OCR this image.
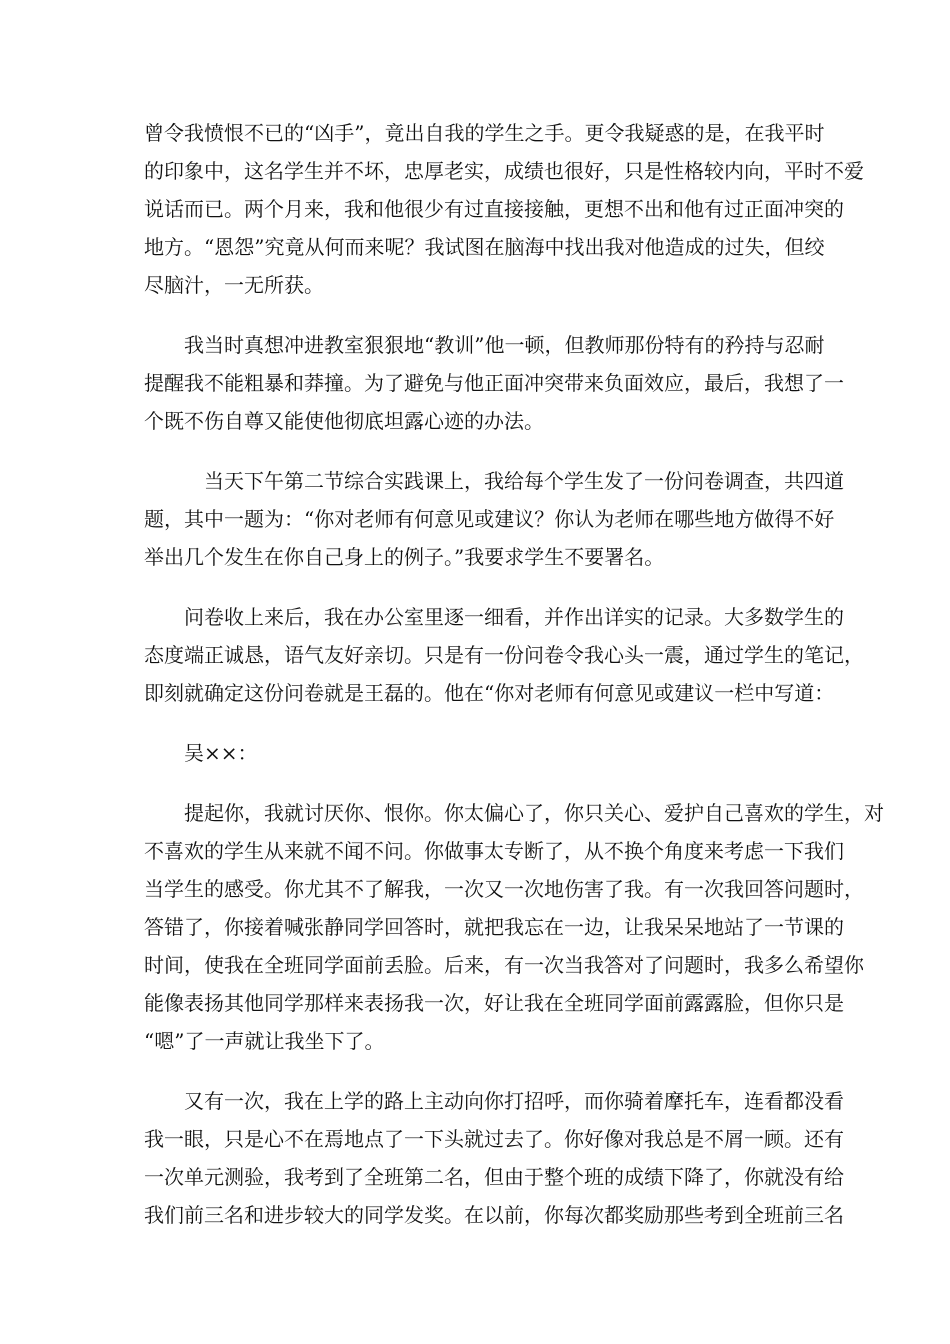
曾令我愤恨不已的“凶手”，竟出自我的学生之手。更令我疑惑的是，在我平时
的印象中，这名学生并不坏，忠厚老实，成绩也很好，只是性格较内向，平时不爱
说话而已。两个月来，我和他很少有过直接接触，更想不出和他有过正面冲突的
地方。“恩怨”究竟从何而来呢？我试图在脑海中找出我对他造成的过失，但绞
尽脑汁，一无所获。
我当时真想冲进教室狠狠地“教训”他一顿，但教师那份特有的矜持与忍耐
提醒我不能粗暴和莽撞。为了避免与他正面冲突带来负面效应，最后，我想了一
个既不伤自尊又能使他彻底坦露心迹的办法。
当天下午第二节综合实践课上，我给每个学生发了一份问卷调查，共四道
题，其中一题为：“你对老师有何意见或建议？你认为老师在哪些地方做得不好
举出几个发生在你自己身上的例子。”我要求学生不要署名。
问卷收上来后，我在办公室里逐一细看，并作出详实的记录。大多数学生的
态度端正诚恳，语气友好亲切。只是有一份问卷令我心头一震，通过学生的笔记，
即刻就确定这份问卷就是王磊的。他在“你对老师有何意见或建议一栏中写道：
吴××：
提起你，我就讨厌你、恨你。你太偏心了，你只关心、爱护自己喜欢的学生，对
不喜欢的学生从来就不闻不问。你做事太专断了，从不换个角度来考虑一下我们
当学生的感受。你尤其不了解我，一次又一次地伤害了我。有一次我回答问题时，
答错了，你接着喊张静同学回答时，就把我忘在一边，让我呆呆地站了一节课的
时间，使我在全班同学面前丢脸。后来，有一次当我答对了问题时，我多么希望你
能像表扬其他同学那样来表扬我一次，好让我在全班同学面前露露脸，但你只是
“嗯”了一声就让我坐下了。
又有一次，我在上学的路上主动向你打招呼，而你骑着摩托车，连看都没看
我一眼，只是心不在焉地点了一下头就过去了。你好像对我总是不屑一顾。还有
一次单元测验，我考到了全班第二名，但由于整个班的成绩下降了，你就没有给
我们前三名和进步较大的同学发奖。在以前，你每次都奖励那些考到全班前三名
